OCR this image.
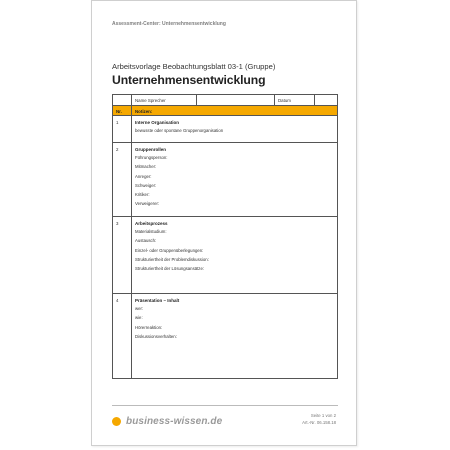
Assessment-Center: Unternehmensentwicklung
Arbeitsvorlage Beobachtungsblatt 03-1 (Gruppe)
Unternehmensentwicklung
Name Sprecher	Datum
Nr.	Notizen:
1	Interne Organisation
bewusste oder spontane Gruppenorganisation
2	Gruppenrollen
Führungsperson:
Mitmacher:
Anreger:
Schweiger:
Kritiker:
Verweigerer:
3	Arbeitsprozess
Materialstudium:
Austausch:
Einzel- oder Gruppenüberlegungen:
Strukturiertheit der Problemdiskussion:
Strukturiertheit der Lösungsansätze:
4	Präsentation – Inhalt
wer:
wie:
Hörerreaktion:
Diskussionsverhalten:
business-wissen.de
Seite 1 von 2
Art.-Nr. 06.158.18
